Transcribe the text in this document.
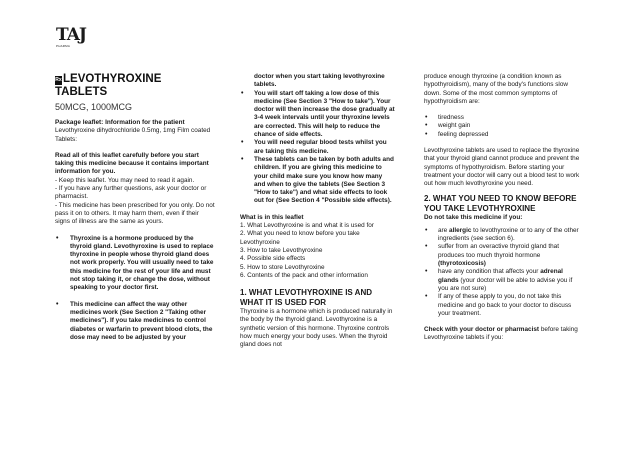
TAJ
PHARMA

RxLEVOTHYROXINE TABLETS

50MCG, 1000MCG

Package leaflet: Information for the patient

Levothyroxine dihydrochloride 0.5mg, 1mg Film coated Tablets:

Read all of this leaflet carefully before you start taking this medicine because it contains important information for you.

- Keep this leaflet. You may need to read it again.

- If you have any further questions, ask your doctor or pharmacist.

- This medicine has been prescribed for you only. Do not pass it on to others. It may harm them, even if their signs of illness are the same as yours.

• Thyroxine is a hormone produced by the thyroid gland. Levothyroxine is used to replace thyroxine in people whose thyroid gland does not work properly. You will usually need to take this medicine for the rest of your life and must not stop taking it, or change the dose, without speaking to your doctor first.
• This medicine can affect the way other medicines work (See Section 2 "Taking other medicines"). If you take medicines to control diabetes or warfarin to prevent blood clots, the dose may need to be adjusted by your

doctor when you start taking levothyroxine tablets.

• You will start off taking a low dose of this medicine (See Section 3 "How to take"). Your doctor will then increase the dose gradually at 3-4 week intervals until your thyroxine levels are corrected. This will help to reduce the chance of side effects.
• You will need regular blood tests whilst you are taking this medicine.
• These tablets can be taken by both adults and children. If you are giving this medicine to your child make sure you know how many and when to give the tablets (See Section 3 "How to take") and what side effects to look out for (See Section 4 "Possible side effects).

What is in this leaflet

1. What Levothyroxine is and what it is used for

2. What you need to know before you take Levothyroxine

3. How to take Levothyroxine

4. Possible side effects

5. How to store Levothyroxine

6. Contents of the pack and other information

1. WHAT LEVOTHYROXINE IS AND WHAT IT IS USED FOR

Thyroxine is a hormone which is produced naturally in the body by the thyroid gland. Levothyroxine is a synthetic version of this hormone. Thyroxine controls how much energy your body uses. When the thyroid gland does not

produce enough thyroxine (a condition known as hypothyroidism), many of the body's functions slow down. Some of the most common symptoms of hypothyroidism are:

• tiredness
• weight gain
• feeling depressed

Levothyroxine tablets are used to replace the thyroxine that your thyroid gland cannot produce and prevent the symptoms of hypothyroidism. Before starting your treatment your doctor will carry out a blood test to work out how much levothyroxine you need.

2. WHAT YOU NEED TO KNOW BEFORE YOU TAKE LEVOTHYROXINE

Do not take this medicine if you:

• are allergic to levothyroxine or to any of the other ingredients (see section 6).
• suffer from an overactive thyroid gland that produces too much thyroid hormone (thyrotoxicosis)
• have any condition that affects your adrenal glands (your doctor will be able to advise you if you are not sure)
• If any of these apply to you, do not take this medicine and go back to your doctor to discuss your treatment.

Check with your doctor or pharmacist before taking Levothyroxine tablets if you:
